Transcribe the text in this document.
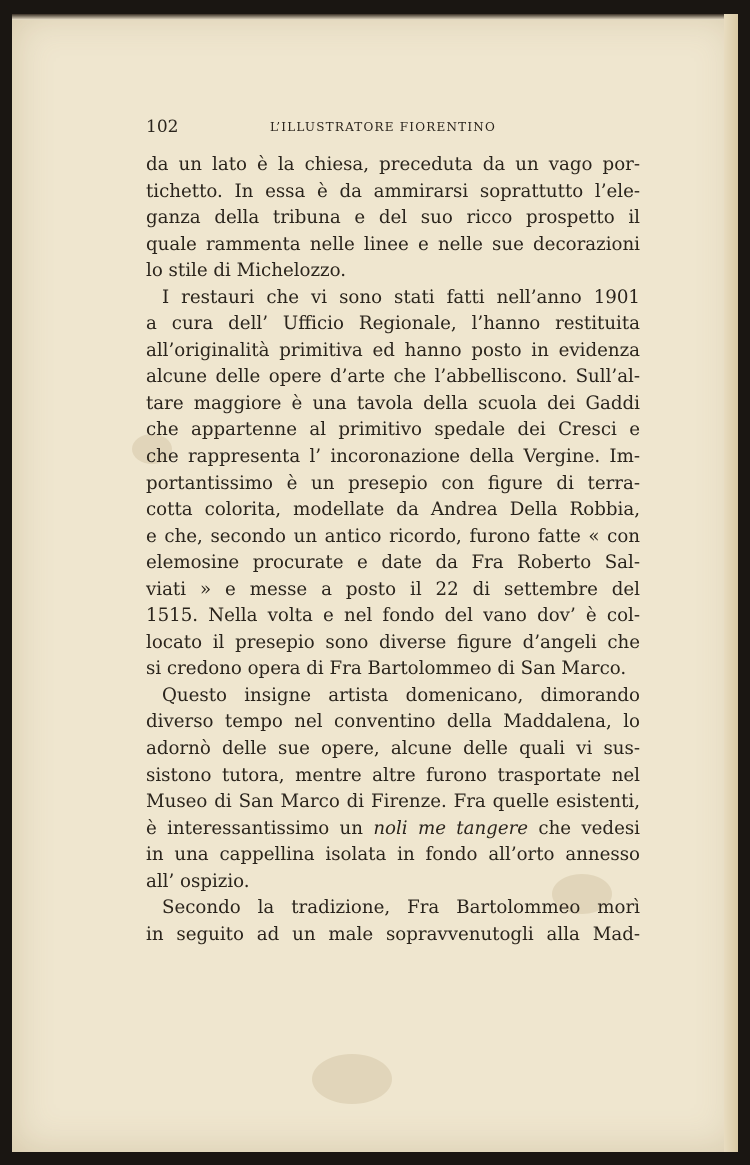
102	L’ILLUSTRATORE FIORENTINO

da un lato è la chiesa, preceduta da un vago por-
tichetto. In essa è da ammirarsi soprattutto l’ele-
ganza della tribuna e del suo ricco prospetto il
quale rammenta nelle linee e nelle sue decorazioni
lo stile di Michelozzo.

I restauri che vi sono stati fatti nell’anno 1901
a cura dell’ Ufficio Regionale, l’hanno restituita
all’originalità primitiva ed hanno posto in evidenza
alcune delle opere d’arte che l’abbelliscono. Sull’al-
tare maggiore è una tavola della scuola dei Gaddi
che appartenne al primitivo spedale dei Cresci e
che rappresenta l’ incoronazione della Vergine. Im-
portantissimo è un presepio con figure di terra-
cotta colorita, modellate da Andrea Della Robbia,
e che, secondo un antico ricordo, furono fatte « con
elemosine procurate e date da Fra Roberto Sal-
viati » e messe a posto il 22 di settembre del
1515. Nella volta e nel fondo del vano dov’ è col-
locato il presepio sono diverse figure d’angeli che
si credono opera di Fra Bartolommeo di San Marco.

Questo insigne artista domenicano, dimorando
diverso tempo nel conventino della Maddalena, lo
adornò delle sue opere, alcune delle quali vi sus-
sistono tutora, mentre altre furono trasportate nel
Museo di San Marco di Firenze. Fra quelle esistenti,
è interessantissimo un noli me tangere che vedesi
in una cappellina isolata in fondo all’orto annesso
all’ ospizio.

Secondo la tradizione, Fra Bartolommeo morì
in seguito ad un male sopravvenutogli alla Mad-
